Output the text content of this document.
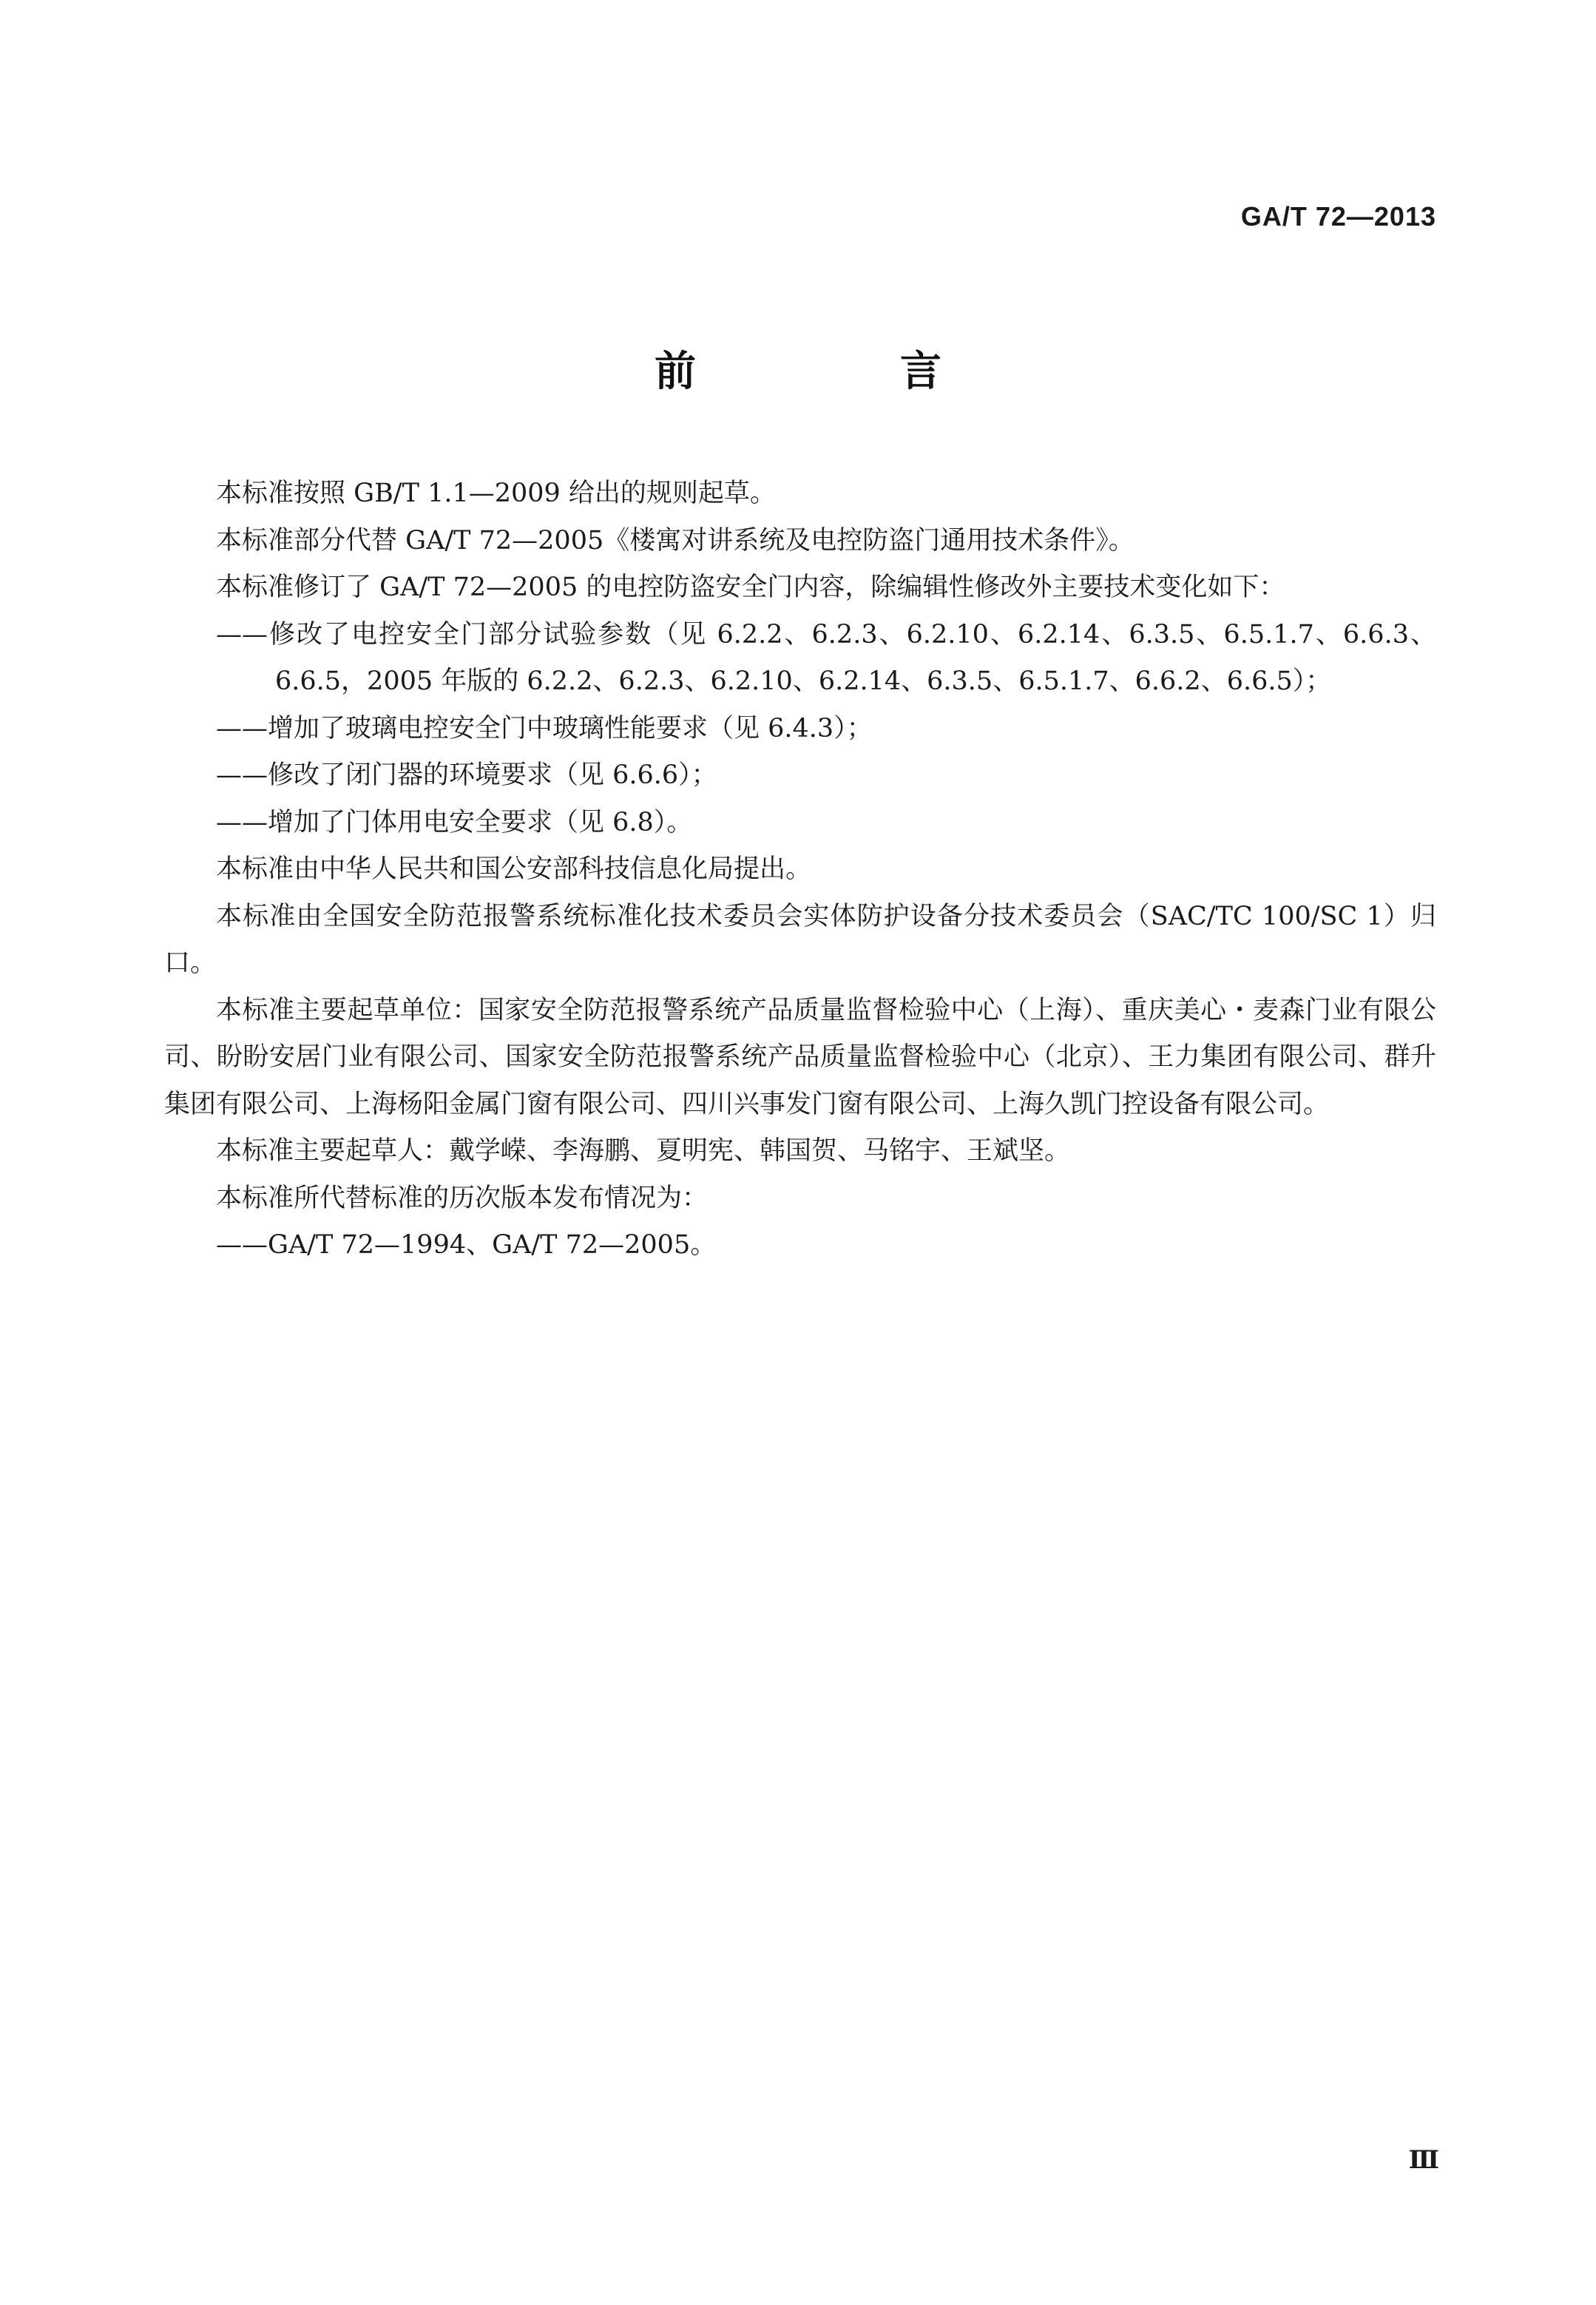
GA/T 72—2013
前　言

本标准按照 GB/T 1.1—2009 给出的规则起草。

本标准部分代替 GA/T 72—2005《楼寓对讲系统及电控防盗门通用技术条件》。

本标准修订了 GA/T 72—2005 的电控防盗安全门内容，除编辑性修改外主要技术变化如下：

——修改了电控安全门部分试验参数（见 6.2.2、6.2.3、6.2.10、6.2.14、6.3.5、6.5.1.7、6.6.3、6.6.5，2005 年版的 6.2.2、6.2.3、6.2.10、6.2.14、6.3.5、6.5.1.7、6.6.2、6.6.5）；

——增加了玻璃电控安全门中玻璃性能要求（见 6.4.3）；

——修改了闭门器的环境要求（见 6.6.6）；

——增加了门体用电安全要求（见 6.8）。

本标准由中华人民共和国公安部科技信息化局提出。

本标准由全国安全防范报警系统标准化技术委员会实体防护设备分技术委员会（SAC/TC 100/SC 1）归口。

本标准主要起草单位：国家安全防范报警系统产品质量监督检验中心（上海）、重庆美心・麦森门业有限公司、盼盼安居门业有限公司、国家安全防范报警系统产品质量监督检验中心（北京）、王力集团有限公司、群升集团有限公司、上海杨阳金属门窗有限公司、四川兴事发门窗有限公司、上海久凯门控设备有限公司。

本标准主要起草人：戴学嵘、李海鹏、夏明宪、韩国贺、马铭宇、王斌坚。

本标准所代替标准的历次版本发布情况为：

——GA/T 72—1994、GA/T 72—2005。

Ⅲ
